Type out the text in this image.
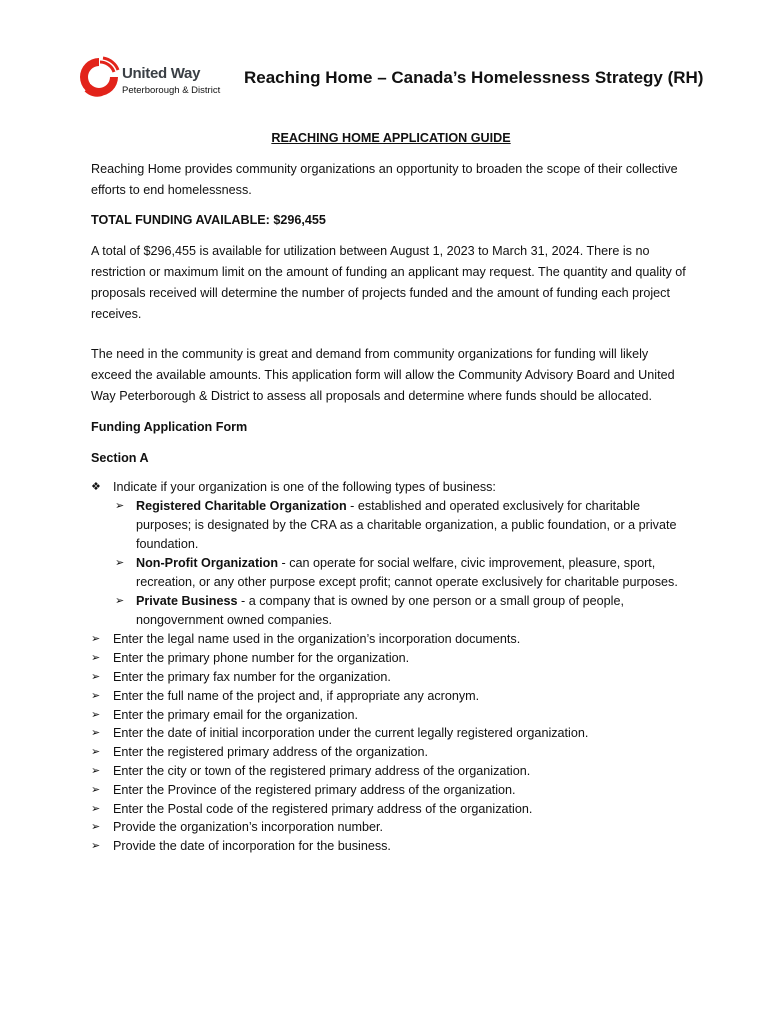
United Way
Peterborough & District
Reaching Home – Canada’s Homelessness Strategy (RH)
REACHING HOME APPLICATION GUIDE

Reaching Home provides community organizations an opportunity to broaden the scope of their collective efforts to end homelessness.

TOTAL FUNDING AVAILABLE: $296,455

A total of $296,455 is available for utilization between August 1, 2023 to March 31, 2024. There is no restriction or maximum limit on the amount of funding an applicant may request. The quantity and quality of proposals received will determine the number of projects funded and the amount of funding each project receives.

The need in the community is great and demand from community organizations for funding will likely exceed the available amounts. This application form will allow the Community Advisory Board and United Way Peterborough & District to assess all proposals and determine where funds should be allocated.

Funding Application Form

Section A

❖ Indicate if your organization is one of the following types of business:
➢ Registered Charitable Organization - established and operated exclusively for charitable purposes; is designated by the CRA as a charitable organization, a public foundation, or a private foundation.
➢ Non-Profit Organization - can operate for social welfare, civic improvement, pleasure, sport, recreation, or any other purpose except profit; cannot operate exclusively for charitable purposes.
➢ Private Business - a company that is owned by one person or a small group of people, nongovernment owned companies.
➢ Enter the legal name used in the organization’s incorporation documents.
➢ Enter the primary phone number for the organization.
➢ Enter the primary fax number for the organization.
➢ Enter the full name of the project and, if appropriate any acronym.
➢ Enter the primary email for the organization.
➢ Enter the date of initial incorporation under the current legally registered organization.
➢ Enter the registered primary address of the organization.
➢ Enter the city or town of the registered primary address of the organization.
➢ Enter the Province of the registered primary address of the organization.
➢ Enter the Postal code of the registered primary address of the organization.
➢ Provide the organization’s incorporation number.
➢ Provide the date of incorporation for the business.
